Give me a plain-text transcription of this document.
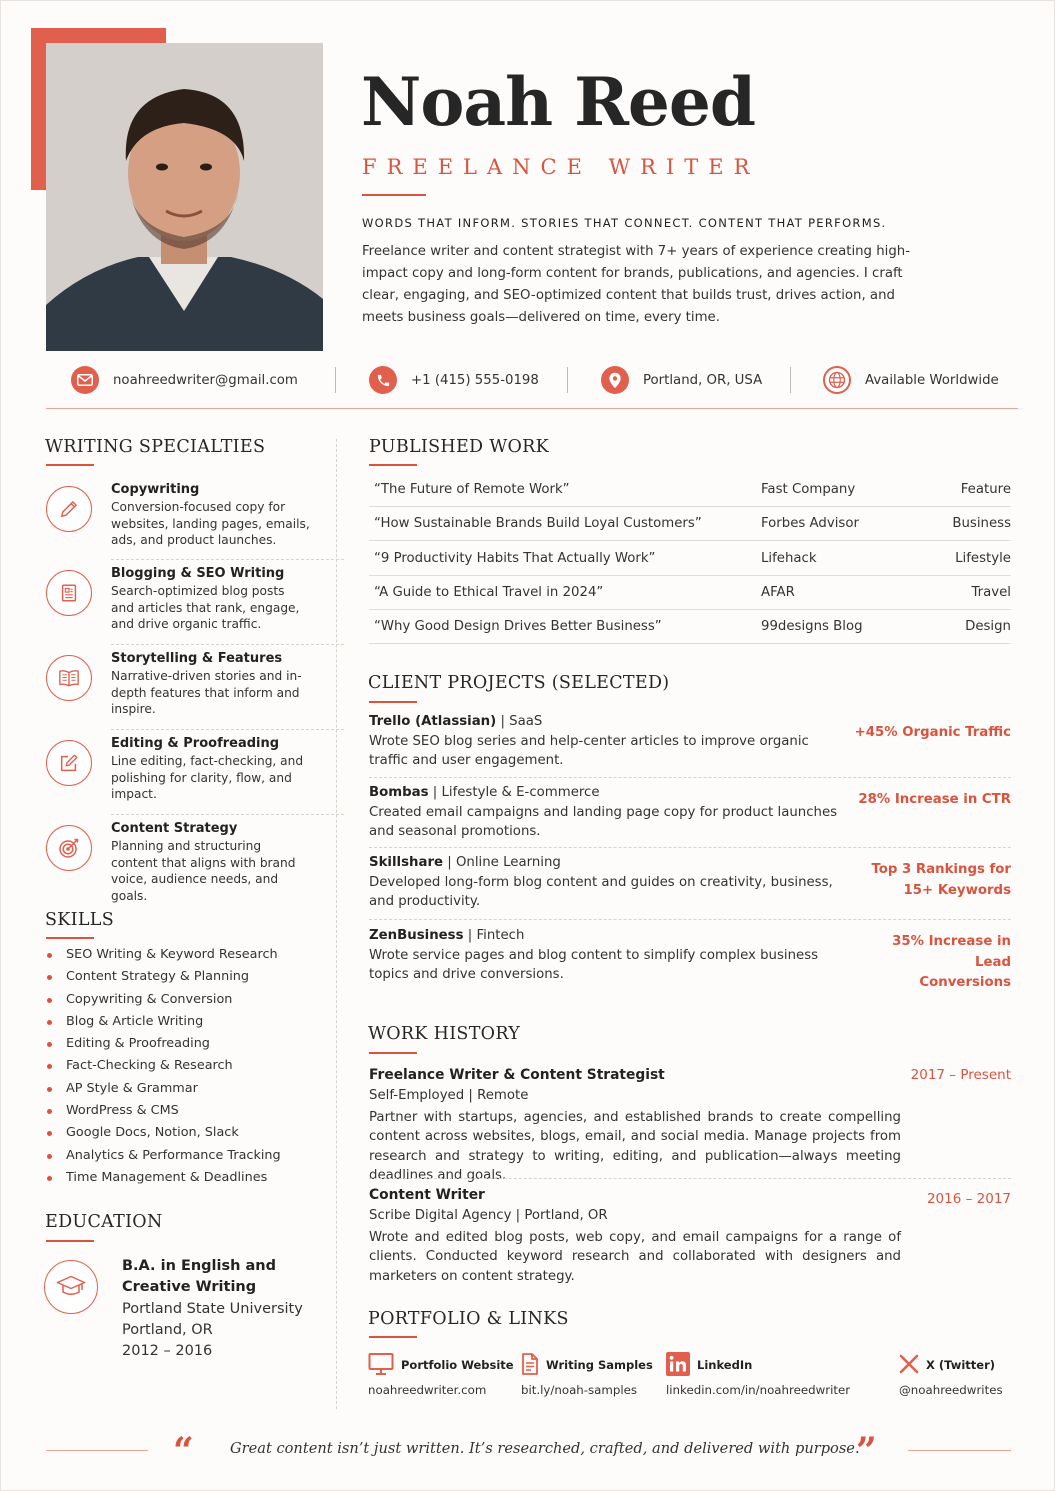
Noah Reed
FREELANCE WRITER
WORDS THAT INFORM. STORIES THAT CONNECT. CONTENT THAT PERFORMS.
Freelance writer and content strategist with 7+ years of experience creating high-impact copy and long-form content for brands, publications, and agencies. I craft clear, engaging, and SEO-optimized content that builds trust, drives action, and meets business goals—delivered on time, every time.
noahreedwriter@gmail.com	+1 (415) 555-0198	Portland, OR, USA	Available Worldwide
WRITING SPECIALTIES
Copywriting
Conversion-focused copy for websites, landing pages, emails, ads, and product launches.
Blogging & SEO Writing
Search-optimized blog posts and articles that rank, engage, and drive organic traffic.
Storytelling & Features
Narrative-driven stories and in-depth features that inform and inspire.
Editing & Proofreading
Line editing, fact-checking, and polishing for clarity, flow, and impact.
Content Strategy
Planning and structuring content that aligns with brand voice, audience needs, and goals.
SKILLS
SEO Writing & Keyword Research
Content Strategy & Planning
Copywriting & Conversion
Blog & Article Writing
Editing & Proofreading
Fact-Checking & Research
AP Style & Grammar
WordPress & CMS
Google Docs, Notion, Slack
Analytics & Performance Tracking
Time Management & Deadlines
EDUCATION
B.A. in English and Creative Writing
Portland State University
Portland, OR
2012 – 2016
PUBLISHED WORK
“The Future of Remote Work”	Fast Company	Feature
“How Sustainable Brands Build Loyal Customers”	Forbes Advisor	Business
“9 Productivity Habits That Actually Work”	Lifehack	Lifestyle
“A Guide to Ethical Travel in 2024”	AFAR	Travel
“Why Good Design Drives Better Business”	99designs Blog	Design
CLIENT PROJECTS (SELECTED)
Trello (Atlassian) | SaaS
Wrote SEO blog series and help-center articles to improve organic traffic and user engagement.
+45% Organic Traffic
Bombas | Lifestyle & E-commerce
Created email campaigns and landing page copy for product launches and seasonal promotions.
28% Increase in CTR
Skillshare | Online Learning
Developed long-form blog content and guides on creativity, business, and productivity.
Top 3 Rankings for 15+ Keywords
ZenBusiness | Fintech
Wrote service pages and blog content to simplify complex business topics and drive conversions.
35% Increase in Lead Conversions
WORK HISTORY
Freelance Writer & Content Strategist
Self-Employed | Remote
Partner with startups, agencies, and established brands to create compelling content across websites, blogs, email, and social media. Manage projects from research and strategy to writing, editing, and publication—always meeting deadlines and goals.
2017 – Present
Content Writer
Scribe Digital Agency | Portland, OR
Wrote and edited blog posts, web copy, and email campaigns for a range of clients. Conducted keyword research and collaborated with designers and marketers on content strategy.
2016 – 2017
PORTFOLIO & LINKS
Portfolio Website
noahreedwriter.com
Writing Samples
bit.ly/noah-samples
LinkedIn
linkedin.com/in/noahreedwriter
X (Twitter)
@noahreedwrites
“ Great content isn’t just written. It’s researched, crafted, and delivered with purpose.
”
